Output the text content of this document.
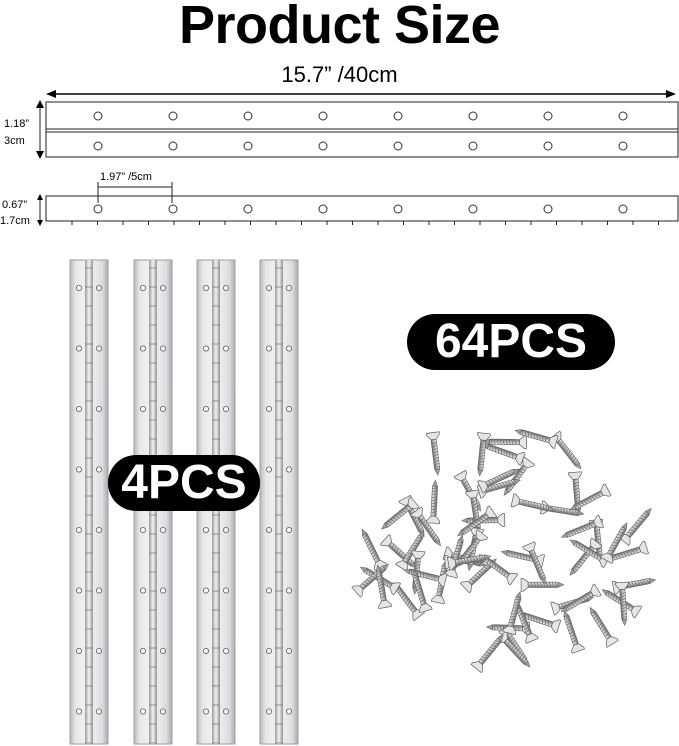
Product Size
15.7” /40cm
1.18”
3cm
1.97” /5cm
0.67”
1.7cm
4PCS
64PCS
